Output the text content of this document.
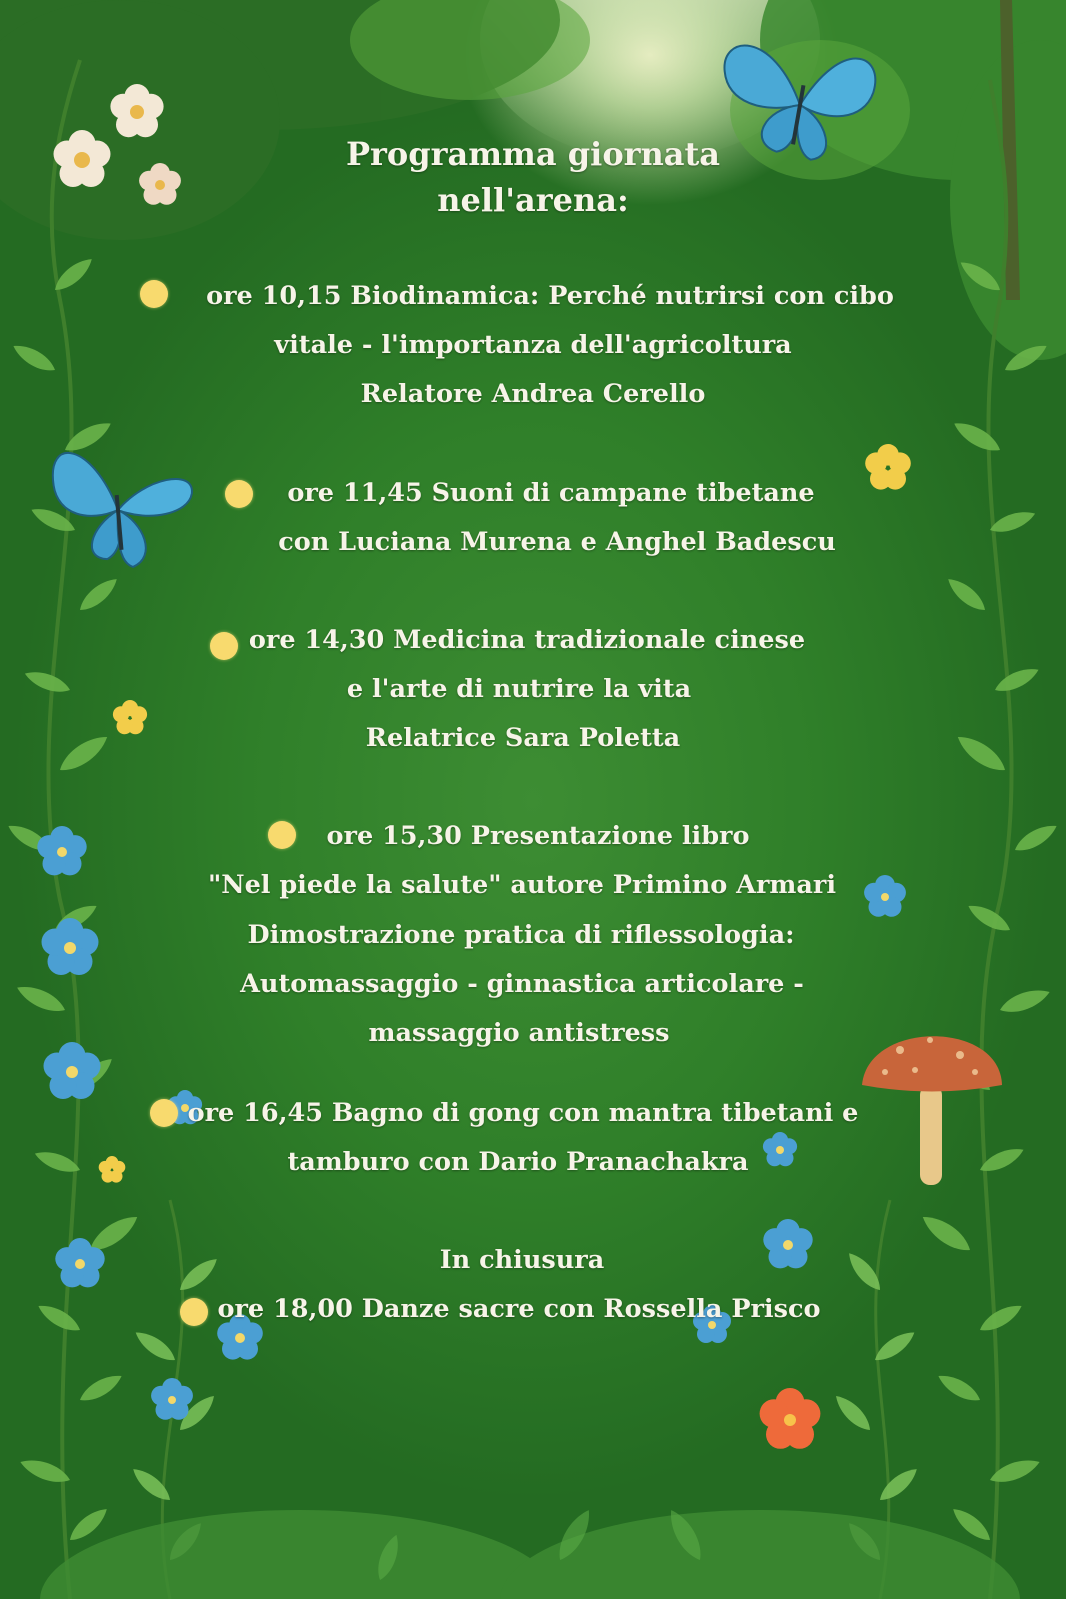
Programma giornata
nell'arena:
ore 10,15 Biodinamica: Perché nutrirsi con cibo
vitale - l'importanza dell'agricoltura
Relatore Andrea Cerello
ore 11,45 Suoni di campane tibetane
con Luciana Murena e Anghel Badescu
ore 14,30 Medicina tradizionale cinese
e l'arte di nutrire la vita
Relatrice Sara Poletta
ore 15,30 Presentazione libro
"Nel piede la salute" autore Primino Armari
Dimostrazione pratica di riflessologia:
Automassaggio - ginnastica articolare -
massaggio antistress
ore 16,45 Bagno di gong con mantra tibetani e
tamburo con Dario Pranachakra
In chiusura
ore 18,00 Danze sacre con Rossella Prisco
